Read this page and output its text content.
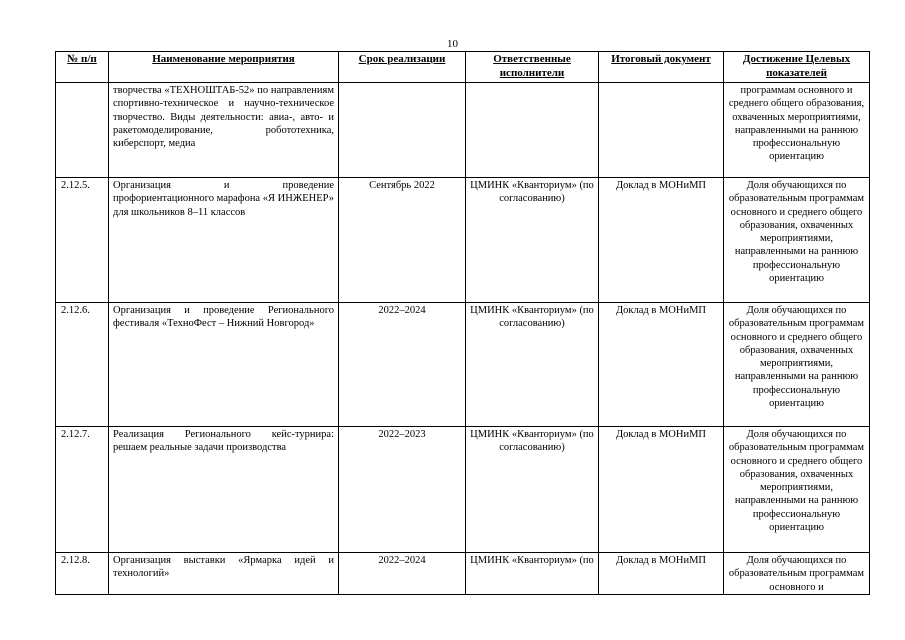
10
№ п/п	Наименование мероприятия	Срок реализации	Ответственные исполнители	Итоговый документ	Достижение Целевых показателей
	творчества «ТЕХНОШТАБ-52» по направлениям спортивно-техническое и научно-техническое творчество. Виды деятельности: авиа-, авто- и ракетомоделирование, робототехника, киберспорт, медиа				программам основного и среднего общего образования, охваченных мероприятиями, направленными на раннюю профессиональную ориентацию
2.12.5.	Организация и проведение профориентационного марафона «Я ИНЖЕНЕР» для школьников 8–11 классов	Сентябрь 2022	ЦМИНК «Кванториум» (по согласованию)	Доклад в МОНиМП	Доля обучающихся по образовательным программам основного и среднего общего образования, охваченных мероприятиями, направленными на раннюю профессиональную ориентацию
2.12.6.	Организация и проведение Регионального фестиваля «ТехноФест – Нижний Новгород»	2022–2024	ЦМИНК «Кванториум» (по согласованию)	Доклад в МОНиМП	Доля обучающихся по образовательным программам основного и среднего общего образования, охваченных мероприятиями, направленными на раннюю профессиональную ориентацию
2.12.7.	Реализация Регионального кейс-турнира: решаем реальные задачи производства	2022–2023	ЦМИНК «Кванториум» (по согласованию)	Доклад в МОНиМП	Доля обучающихся по образовательным программам основного и среднего общего образования, охваченных мероприятиями, направленными на раннюю профессиональную ориентацию
2.12.8.	Организация выставки «Ярмарка идей и технологий»	2022–2024	ЦМИНК «Кванториум» (по	Доклад в МОНиМП	Доля обучающихся по образовательным программам основного и
